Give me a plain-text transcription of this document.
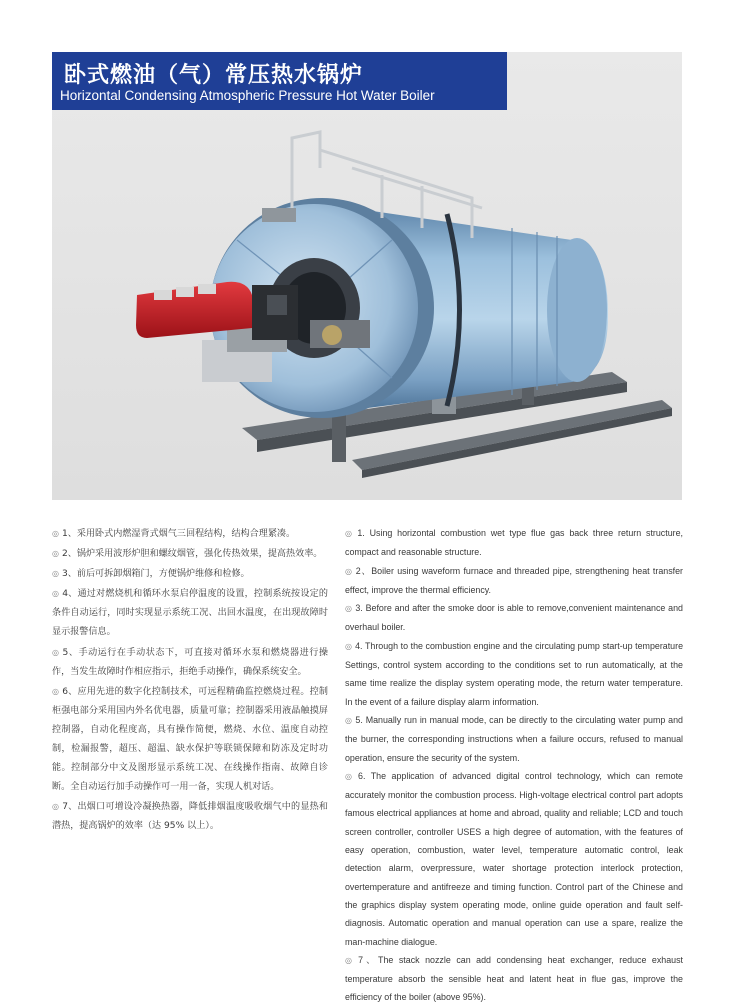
卧式燃油（气）常压热水锅炉
Horizontal Condensing Atmospheric Pressure Hot Water Boiler

◎ 1、采用卧式内燃湿背式烟气三回程结构，结构合理紧凑。

◎ 2、锅炉采用波形炉胆和螺纹烟管，强化传热效果，提高热效率。

◎ 3、前后可拆卸烟箱门，方便锅炉维修和检修。

◎ 4、通过对燃烧机和循环水泵启停温度的设置，控制系统按设定的条件自动运行，同时实现显示系统工况、出回水温度，在出现故障时显示报警信息。

◎ 5、手动运行在手动状态下，可直接对循环水泵和燃烧器进行操作，当发生故障时作相应指示，拒绝手动操作，确保系统安全。

◎ 6、应用先进的数字化控制技术，可远程精确监控燃烧过程。控制柜强电部分采用国内外名优电器，质量可靠；控制器采用液晶触摸屏控制器，自动化程度高，具有操作简便，燃烧、水位、温度自动控制，检漏报警，超压、超温、缺水保护等联锁保障和防冻及定时功能。控制部分中文及图形显示系统工况、在线操作指南、故障自诊断。全自动运行加手动操作可一用一备，实现人机对话。

◎ 7、出烟口可增设冷凝换热器，降低排烟温度吸收烟气中的显热和潜热，提高锅炉的效率（达 95% 以上）。

◎ 1. Using horizontal combustion wet type flue gas back three return structure, compact and reasonable structure.

◎ 2、Boiler using waveform furnace and threaded pipe, strengthening heat transfer effect, improve the thermal efficiency.

◎ 3. Before and after the smoke door is able to remove,convenient maintenance and overhaul boiler.

◎ 4. Through to the combustion engine and the circulating pump start-up temperature Settings, control system according to the conditions set to run automatically, at the same time realize the display system operating mode, the return water temperature. In the event of a failure display alarm information.

◎ 5. Manually run in manual mode, can be directly to the circulating water pump and the burner, the corresponding instructions when a failure occurs, refused to manual operation, ensure the security of the system.

◎ 6. The application of advanced digital control technology, which can remote accurately monitor the combustion process. High-voltage electrical control part adopts famous electrical appliances at home and abroad, quality and reliable; LCD and touch screen controller, controller USES a high degree of automation, with the features of easy operation, combustion, water level, temperature automatic control, leak detection alarm, overpressure, water shortage protection interlock protection, overtemperature and antifreeze and timing function. Control part of the Chinese and the graphics display system operating mode, online guide operation and fault self-diagnosis. Automatic operation and manual operation can use a spare, realize the man-machine dialogue.

◎ 7、The stack nozzle can add condensing heat exchanger, reduce exhaust temperature absorb the sensible heat and latent heat in flue gas, improve the efficiency of the boiler (above 95%).
